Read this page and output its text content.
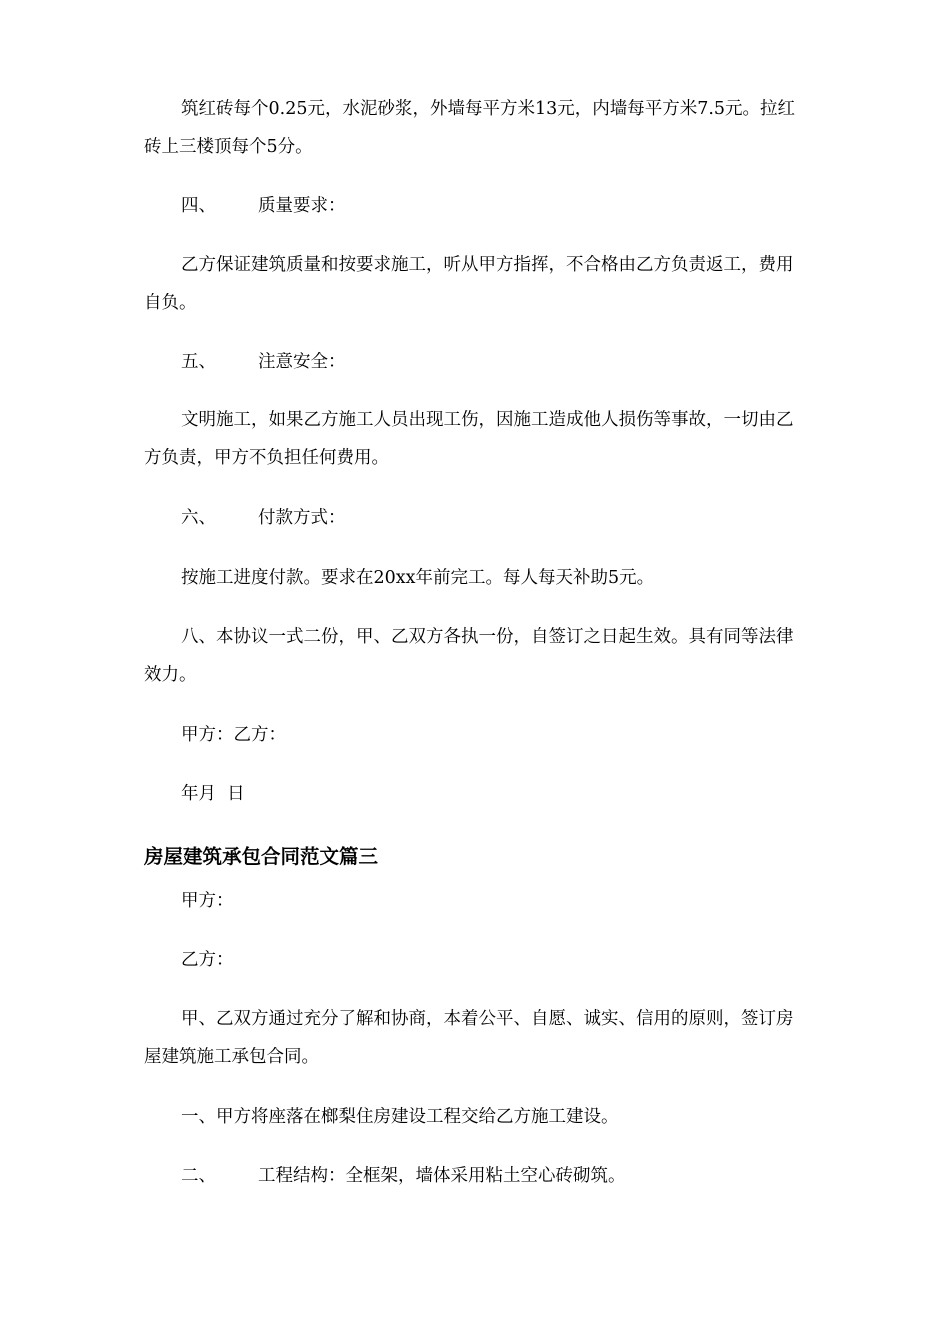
筑红砖每个0.25元，水泥砂浆，外墙每平方米13元，内墙每平方米7.5元。拉红砖上三楼顶每个5分。

四、 质量要求：

乙方保证建筑质量和按要求施工，听从甲方指挥，不合格由乙方负责返工，费用自负。

五、 注意安全：

文明施工，如果乙方施工人员出现工伤，因施工造成他人损伤等事故，一切由乙方负责，甲方不负担任何费用。

六、 付款方式：

按施工进度付款。要求在20xx年前完工。每人每天补助5元。

八、本协议一式二份，甲、乙双方各执一份，自签订之日起生效。具有同等法律效力。

甲方：乙方：

年月  日

房屋建筑承包合同范文篇三

甲方：

乙方：

甲、乙双方通过充分了解和协商，本着公平、自愿、诚实、信用的原则，签订房屋建筑施工承包合同。

一、甲方将座落在榔梨住房建设工程交给乙方施工建设。

二、 工程结构：全框架，墙体采用粘土空心砖砌筑。
